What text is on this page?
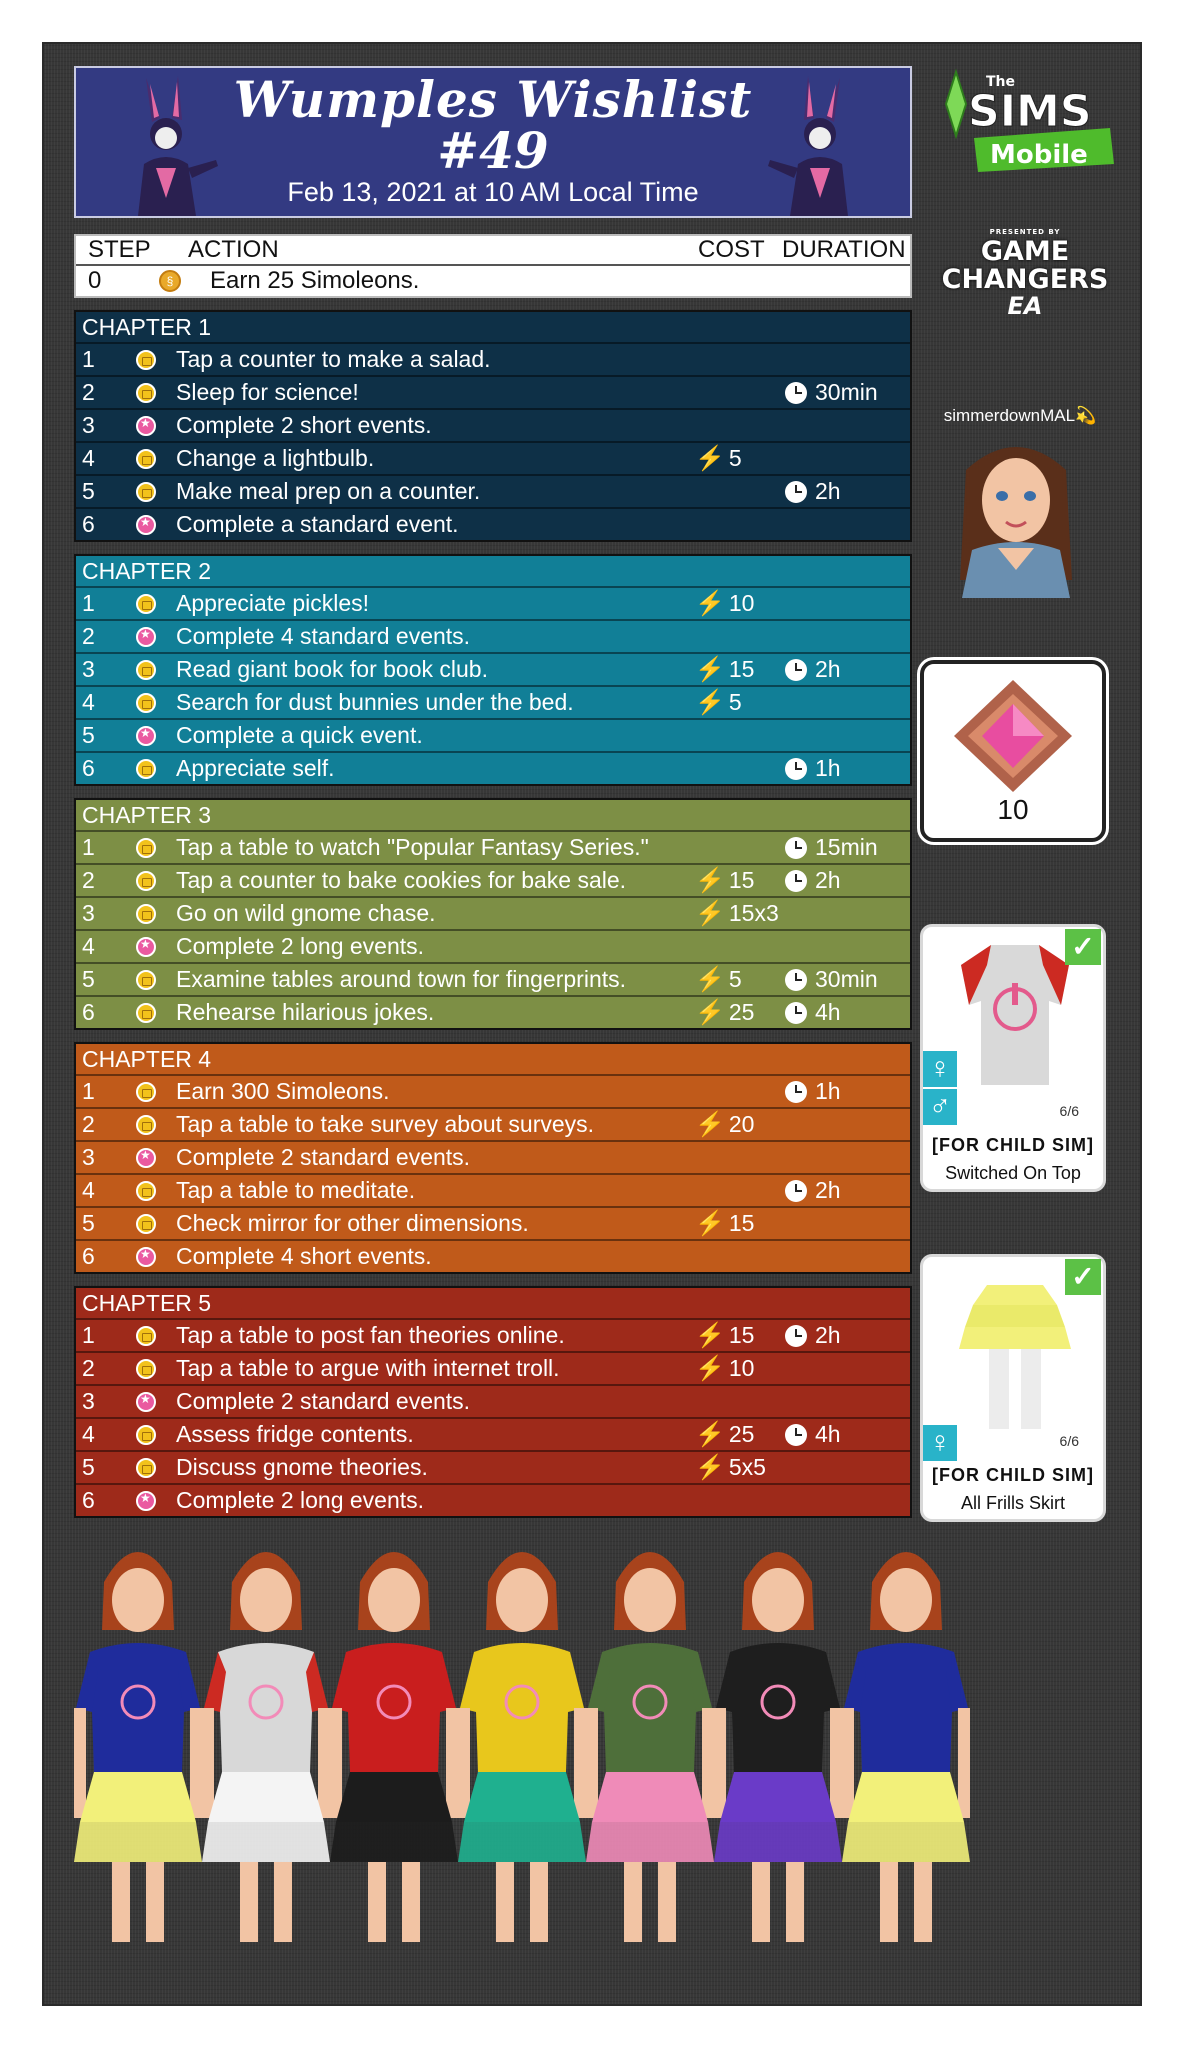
Wumples Wishlist
#49
Feb 13, 2021 at 10 AM Local Time
STEP	ACTION	COST DURATION
0	§	Earn 25 Simoleons.
CHAPTER 1
1	Tap a counter to make a salad.
2	Sleep for science!	30min
3 ★	Complete 2 short events.
4	Change a lightbulb.	⚡ 5
5	Make meal prep on a counter.	2h
6 ★	Complete a standard event.
CHAPTER 2
1	Appreciate pickles!	⚡ 10
2 ★	Complete 4 standard events.
3	Read giant book for book club.	⚡ 15	2h
4	Search for dust bunnies under the bed.	⚡ 5
5 ★	Complete a quick event.
6	Appreciate self.	1h
CHAPTER 3
1	Tap a table to watch "Popular Fantasy Series."	15min
2	Tap a counter to bake cookies for bake sale.	⚡ 15	2h
3	Go on wild gnome chase.	⚡ 15x3
4 ★	Complete 2 long events.
5	Examine tables around town for fingerprints.	⚡ 5	30min
6	Rehearse hilarious jokes.	⚡ 25	4h
CHAPTER 4
1	Earn 300 Simoleons.	1h
2	Tap a table to take survey about surveys.	⚡ 20
3 ★	Complete 2 standard events.
4	Tap a table to meditate.	2h
5	Check mirror for other dimensions.	⚡ 15
6 ★	Complete 4 short events.
CHAPTER 5
1	Tap a table to post fan theories online.	⚡ 15	2h
2	Tap a table to argue with internet troll.	⚡ 10
3 ★	Complete 2 standard events.
4	Assess fridge contents.	⚡ 25	4h
5	Discuss gnome theories.	⚡ 5x5
6 ★	Complete 2 long events.
The
SIMS
Mobile
PRESENTED BY
GAME
CHANGERS
EA
simmerdownMAL💫
10
✓
♀
♂	6/6
[FOR CHILD SIM]
Switched On Top
✓
♀	6/6
[FOR CHILD SIM]
All Frills Skirt
